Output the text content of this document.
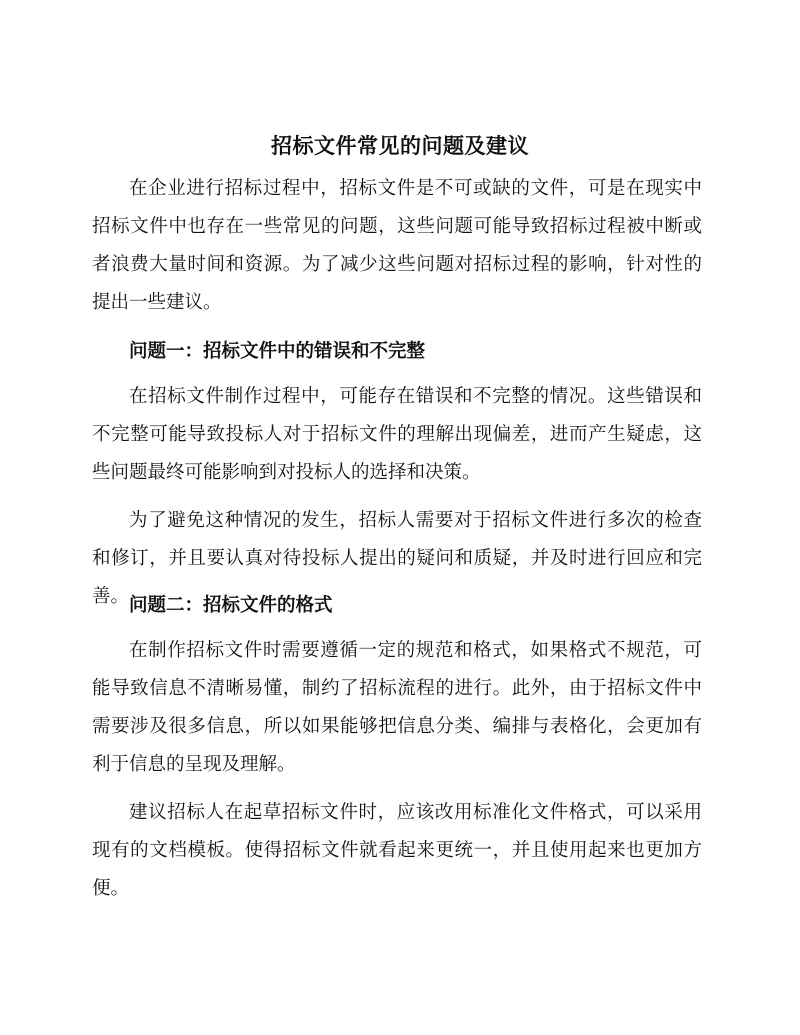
招标文件常见的问题及建议

在企业进行招标过程中，招标文件是不可或缺的文件，可是在现实中招标文件中也存在一些常见的问题，这些问题可能导致招标过程被中断或者浪费大量时间和资源。为了减少这些问题对招标过程的影响，针对性的提出一些建议。

问题一：招标文件中的错误和不完整

在招标文件制作过程中，可能存在错误和不完整的情况。这些错误和不完整可能导致投标人对于招标文件的理解出现偏差，进而产生疑虑，这些问题最终可能影响到对投标人的选择和决策。

为了避免这种情况的发生，招标人需要对于招标文件进行多次的检查和修订，并且要认真对待投标人提出的疑问和质疑，并及时进行回应和完善。 问题二：招标文件的格式

在制作招标文件时需要遵循一定的规范和格式，如果格式不规范，可能导致信息不清晰易懂，制约了招标流程的进行。此外，由于招标文件中需要涉及很多信息，所以如果能够把信息分类、编排与表格化，会更加有利于信息的呈现及理解。

建议招标人在起草招标文件时，应该改用标准化文件格式，可以采用现有的文档模板。使得招标文件就看起来更统一，并且使用起来也更加方便。
